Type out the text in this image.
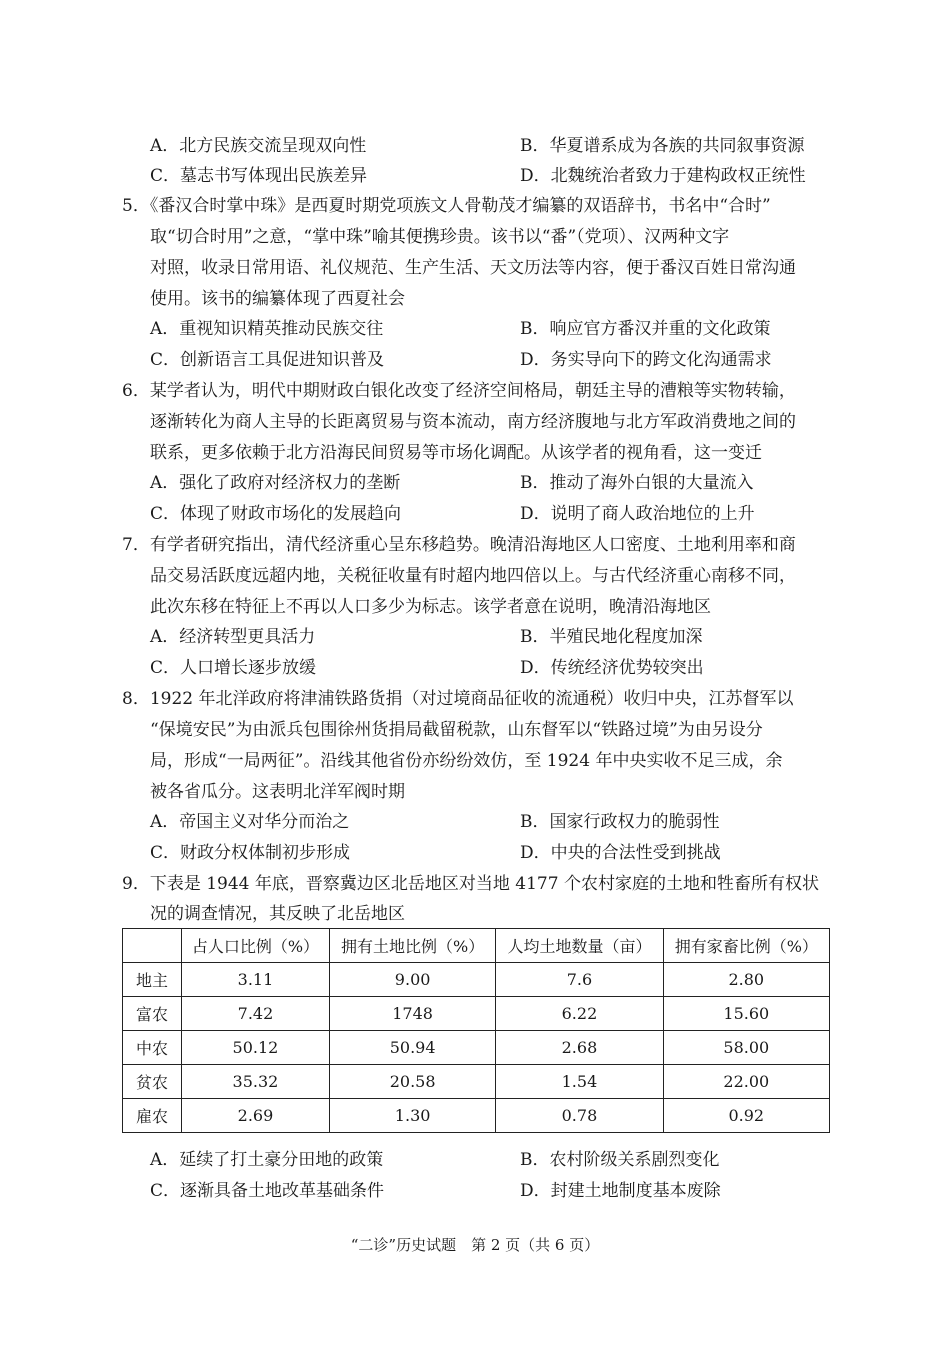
A．北方民族交流呈现双向性	B．华夏谱系成为各族的共同叙事资源
C．墓志书写体现出民族差异	D．北魏统治者致力于建构政权正统性
5．《番汉合时掌中珠》是西夏时期党项族文人骨勒茂才编纂的双语辞书，书名中“合时”
取“切合时用”之意，“掌中珠”喻其便携珍贵。该书以“番”（党项）、汉两种文字
对照，收录日常用语、礼仪规范、生产生活、天文历法等内容，便于番汉百姓日常沟通
使用。该书的编纂体现了西夏社会
A．重视知识精英推动民族交往	B．响应官方番汉并重的文化政策
C．创新语言工具促进知识普及	D．务实导向下的跨文化沟通需求
6．某学者认为，明代中期财政白银化改变了经济空间格局，朝廷主导的漕粮等实物转输，
逐渐转化为商人主导的长距离贸易与资本流动，南方经济腹地与北方军政消费地之间的
联系，更多依赖于北方沿海民间贸易等市场化调配。从该学者的视角看，这一变迁
A．强化了政府对经济权力的垄断	B．推动了海外白银的大量流入
C．体现了财政市场化的发展趋向	D．说明了商人政治地位的上升
7．有学者研究指出，清代经济重心呈东移趋势。晚清沿海地区人口密度、土地利用率和商
品交易活跃度远超内地，关税征收量有时超内地四倍以上。与古代经济重心南移不同，
此次东移在特征上不再以人口多少为标志。该学者意在说明，晚清沿海地区
A．经济转型更具活力	B．半殖民地化程度加深
C．人口增长逐步放缓	D．传统经济优势较突出
8．1922 年北洋政府将津浦铁路货捐（对过境商品征收的流通税）收归中央，江苏督军以
“保境安民”为由派兵包围徐州货捐局截留税款，山东督军以“铁路过境”为由另设分
局，形成“一局两征”。沿线其他省份亦纷纷效仿，至 1924 年中央实收不足三成，余
被各省瓜分。这表明北洋军阀时期
A．帝国主义对华分而治之	B．国家行政权力的脆弱性
C．财政分权体制初步形成	D．中央的合法性受到挑战
9．下表是 1944 年底，晋察冀边区北岳地区对当地 4177 个农村家庭的土地和牲畜所有权状
况的调查情况，其反映了北岳地区
	占人口比例（%）	拥有土地比例（%）	人均土地数量（亩）	拥有家畜比例（%）
地主	3.11	9.00	7.6	2.80
富农	7.42	1748	6.22	15.60
中农	50.12	50.94	2.68	58.00
贫农	35.32	20.58	1.54	22.00
雇农	2.69	1.30	0.78	0.92
A．延续了打土豪分田地的政策	B．农村阶级关系剧烈变化
C．逐渐具备土地改革基础条件	D．封建土地制度基本废除
“二诊”历史试题　第 2 页（共 6 页）
